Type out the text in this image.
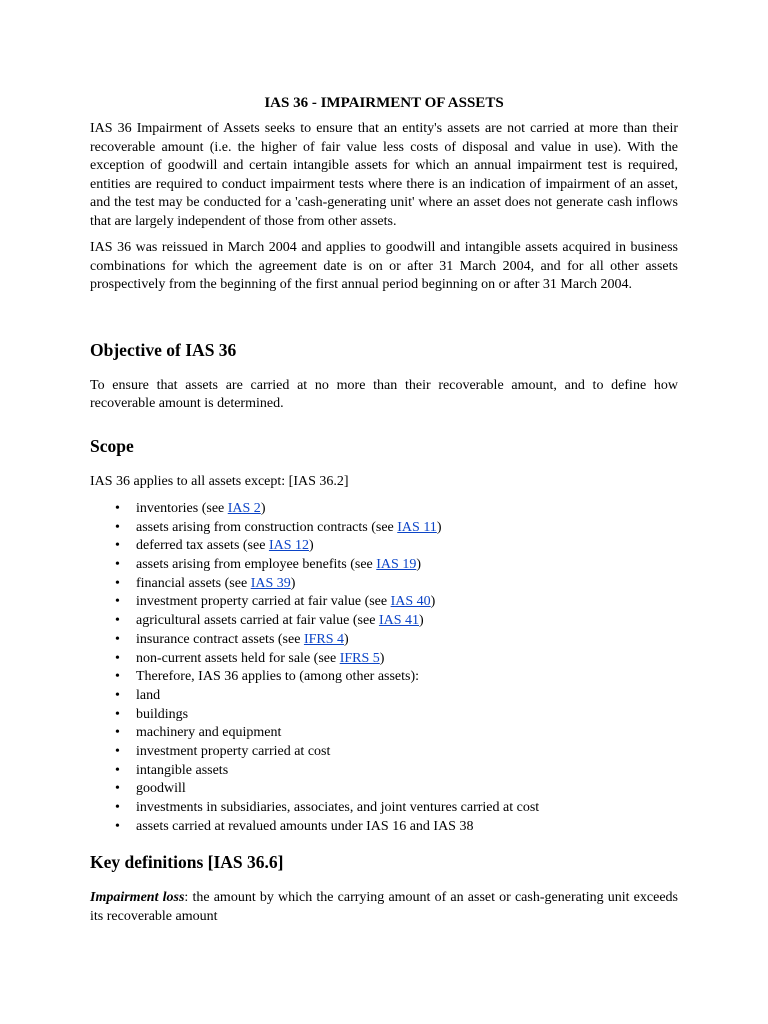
IAS 36 - IMPAIRMENT OF ASSETS

IAS 36 Impairment of Assets seeks to ensure that an entity's assets are not carried at more than their recoverable amount (i.e. the higher of fair value less costs of disposal and value in use). With the exception of goodwill and certain intangible assets for which an annual impairment test is required, entities are required to conduct impairment tests where there is an indication of impairment of an asset, and the test may be conducted for a 'cash-generating unit' where an asset does not generate cash inflows that are largely independent of those from other assets.

IAS 36 was reissued in March 2004 and applies to goodwill and intangible assets acquired in business combinations for which the agreement date is on or after 31 March 2004, and for all other assets prospectively from the beginning of the first annual period beginning on or after 31 March 2004.

Objective of IAS 36

To ensure that assets are carried at no more than their recoverable amount, and to define how recoverable amount is determined.

Scope

IAS 36 applies to all assets except: [IAS 36.2]

• inventories (see IAS 2)
• assets arising from construction contracts (see IAS 11)
• deferred tax assets (see IAS 12)
• assets arising from employee benefits (see IAS 19)
• financial assets (see IAS 39)
• investment property carried at fair value (see IAS 40)
• agricultural assets carried at fair value (see IAS 41)
• insurance contract assets (see IFRS 4)
• non-current assets held for sale (see IFRS 5)
• Therefore, IAS 36 applies to (among other assets):
• land
• buildings
• machinery and equipment
• investment property carried at cost
• intangible assets
• goodwill
• investments in subsidiaries, associates, and joint ventures carried at cost
• assets carried at revalued amounts under IAS 16 and IAS 38
Key definitions [IAS 36.6]

Impairment loss: the amount by which the carrying amount of an asset or cash-generating unit exceeds its recoverable amount
